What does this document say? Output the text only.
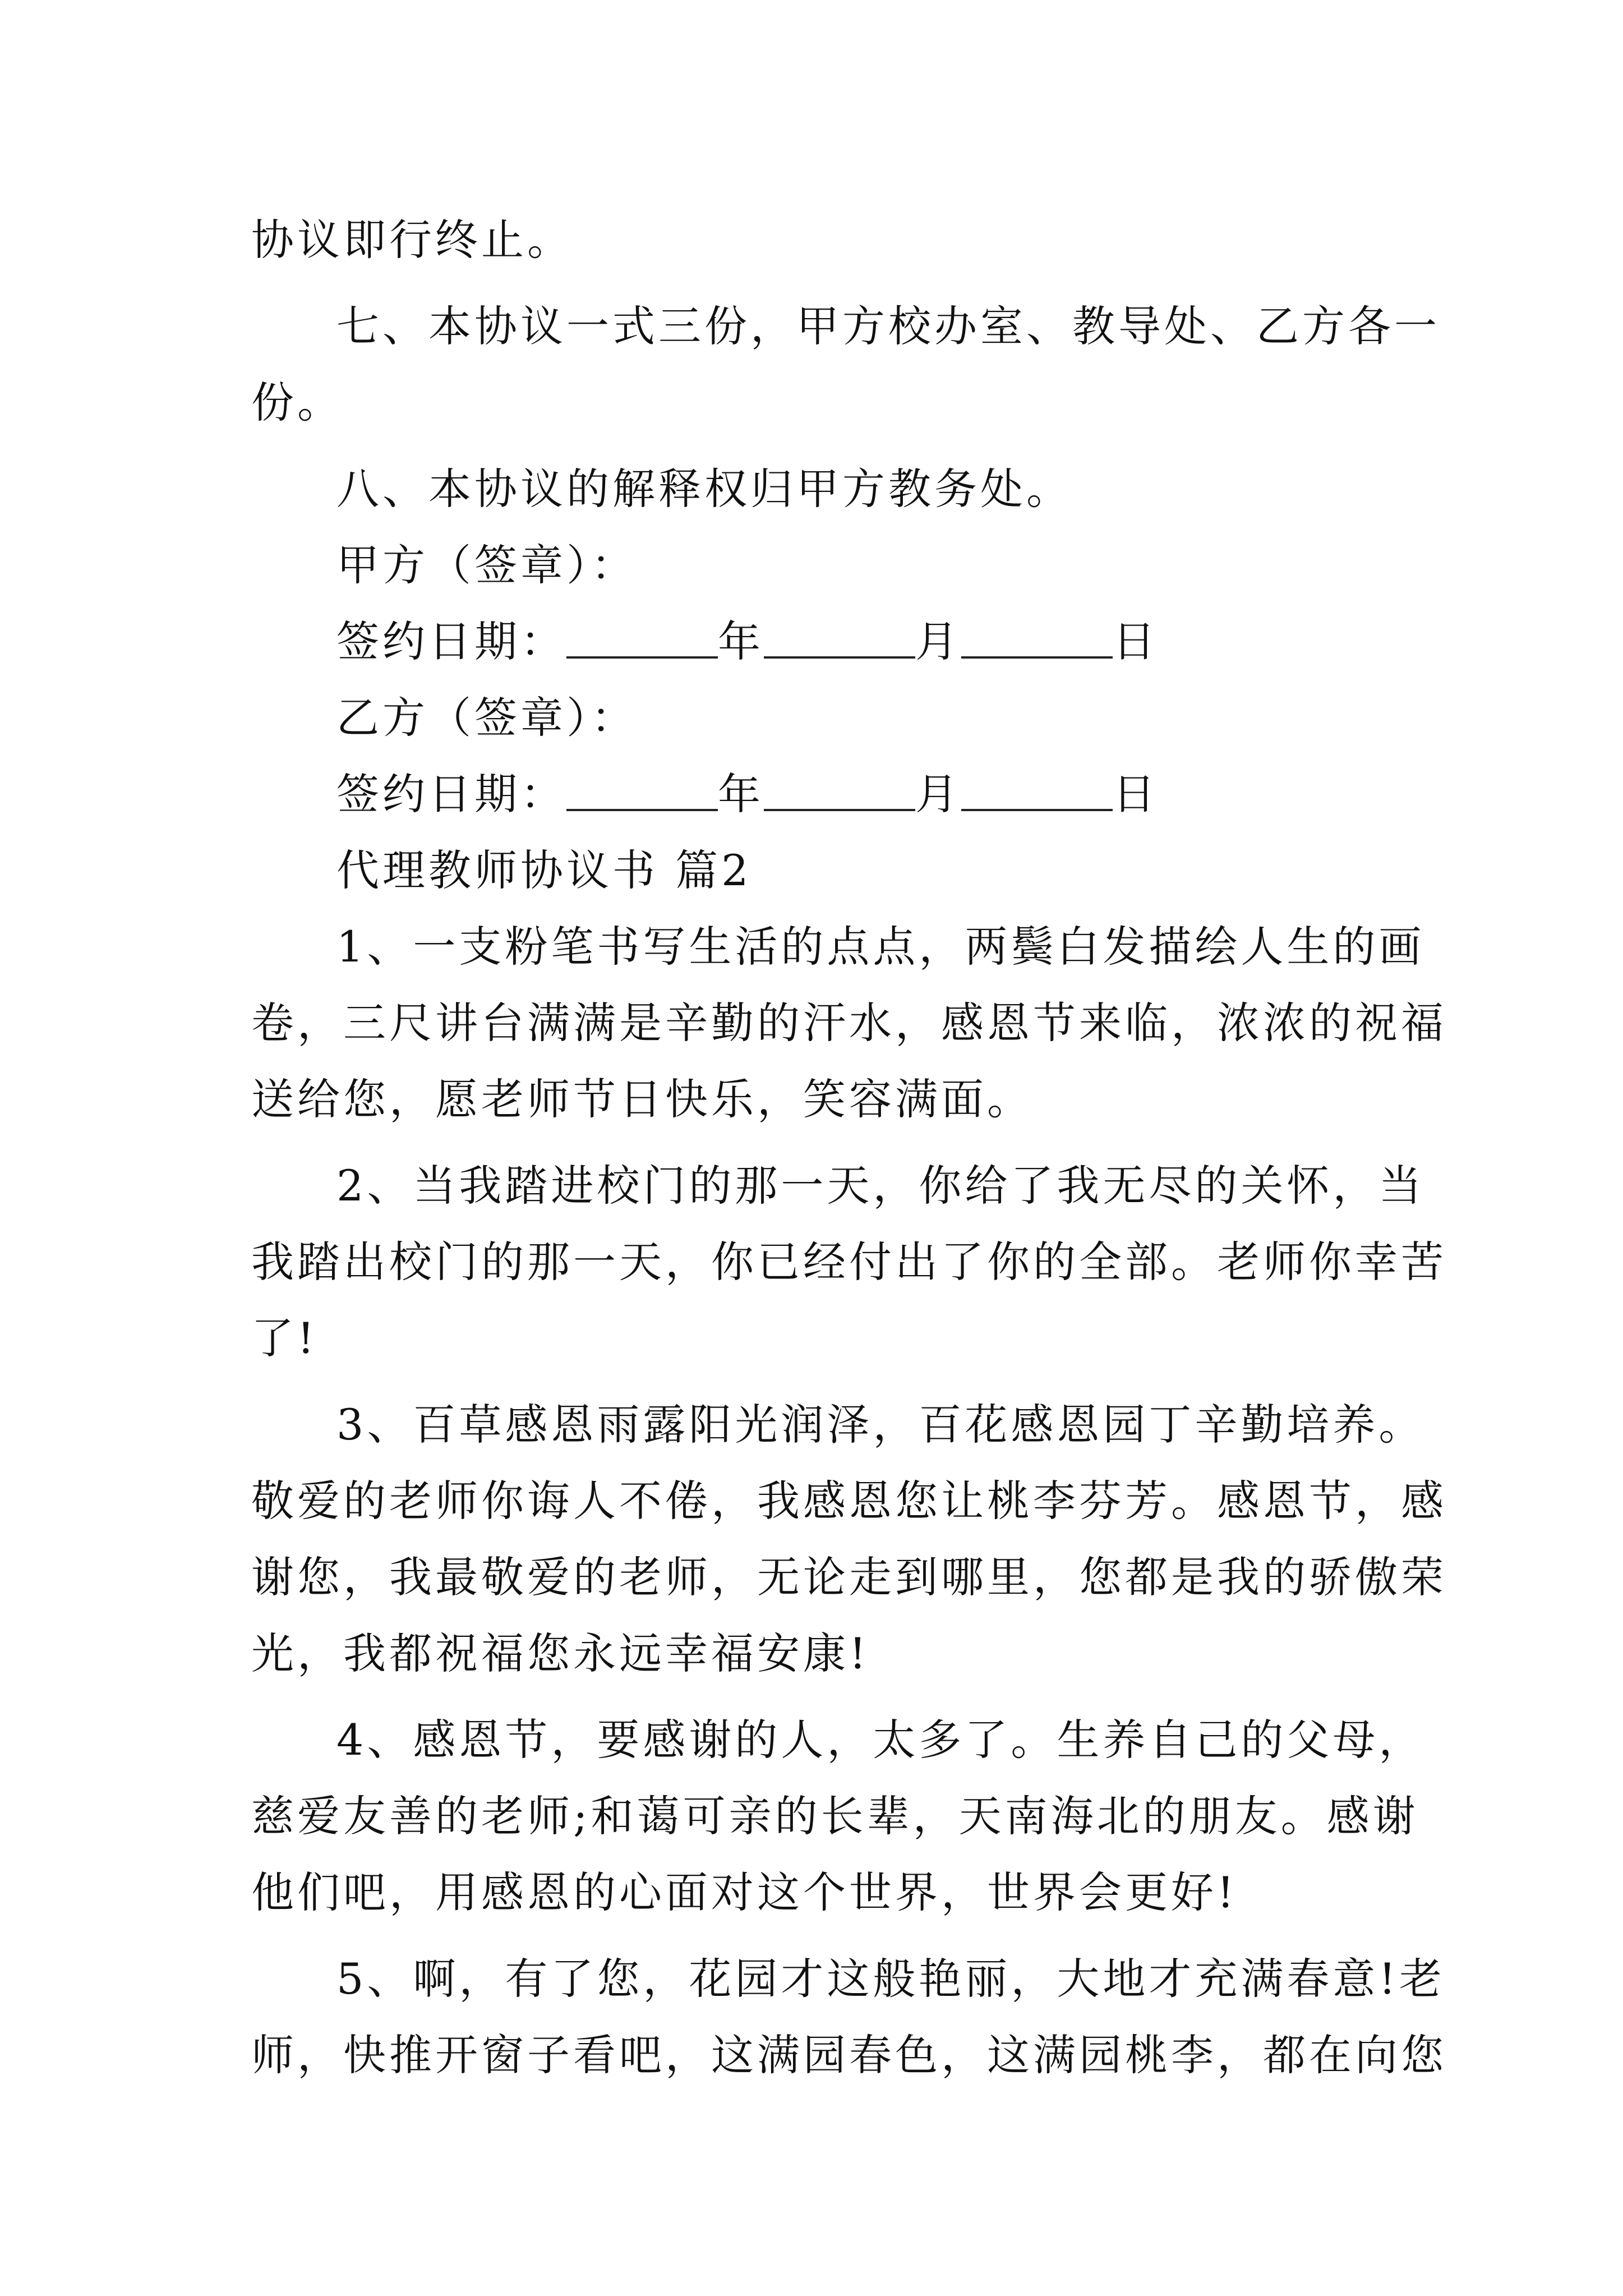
协议即行终止。
七、本协议一式三份，甲方校办室、教导处、乙方各一
份。
八、本协议的解释权归甲方教务处。
甲方（签章）：
签约日期：	年	月	日
乙方（签章）：
签约日期：	年	月	日
代理教师协议书 篇2
1、一支粉笔书写生活的点点，两鬓白发描绘人生的画
卷，三尺讲台满满是辛勤的汗水，感恩节来临，浓浓的祝福
送给您，愿老师节日快乐，笑容满面。
2、当我踏进校门的那一天，你给了我无尽的关怀，当
我踏出校门的那一天，你已经付出了你的全部。老师你幸苦
了!
3、百草感恩雨露阳光润泽，百花感恩园丁辛勤培养。
敬爱的老师你诲人不倦，我感恩您让桃李芬芳。感恩节，感
谢您，我最敬爱的老师，无论走到哪里，您都是我的骄傲荣
光，我都祝福您永远幸福安康!
4、感恩节，要感谢的人，太多了。生养自己的父母，
慈爱友善的老师;和蔼可亲的长辈，天南海北的朋友。感谢
他们吧，用感恩的心面对这个世界，世界会更好!
5、啊，有了您，花园才这般艳丽，大地才充满春意!老
师，快推开窗子看吧，这满园春色，这满园桃李，都在向您
